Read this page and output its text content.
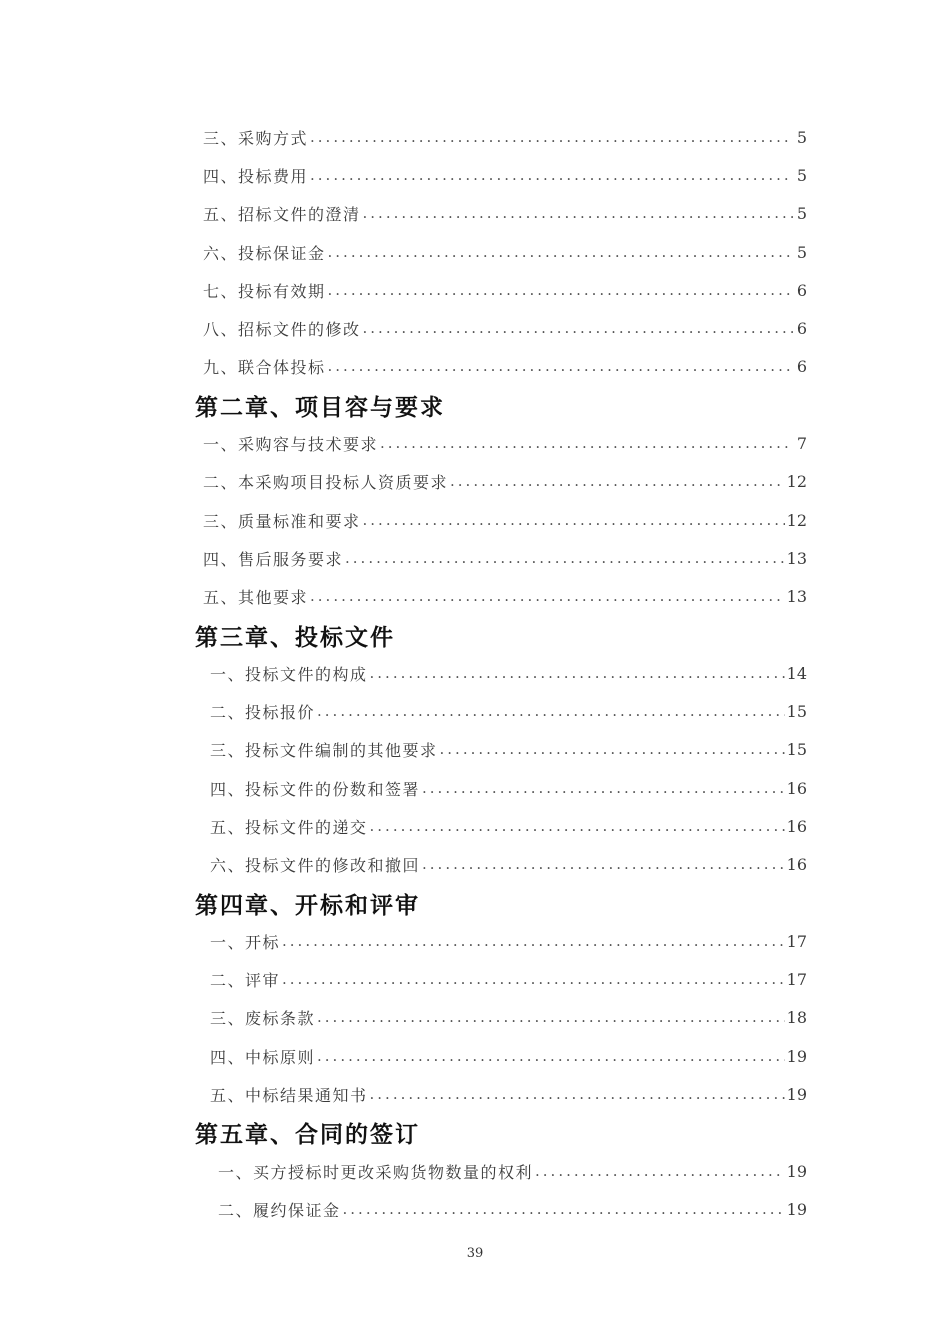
三、采购方式 .....	5
四、投标费用 .....	5
五、招标文件的澄清 .....	5
六、投标保证金 .....	5
七、投标有效期 .....	6
八、招标文件的修改 .....	6
九、联合体投标 .....	6
第二章、项目容与要求
一、采购容与技术要求 .....	7
二、本采购项目投标人资质要求 .....	12
三、质量标准和要求 .....	12
四、售后服务要求 .....	13
五、其他要求 .....	13
第三章、投标文件
一、投标文件的构成 .....	14
二、投标报价 .....	15
三、投标文件编制的其他要求 .....	15
四、投标文件的份数和签署 .....	16
五、投标文件的递交 .....	16
六、投标文件的修改和撤回 .....	16
第四章、开标和评审
一、开标 .....	17
二、评审 .....	17
三、废标条款 .....	18
四、中标原则 .....	19
五、中标结果通知书 .....	19
第五章、合同的签订
一、买方授标时更改采购货物数量的权利 .....	19
二、履约保证金 .....	19
39
